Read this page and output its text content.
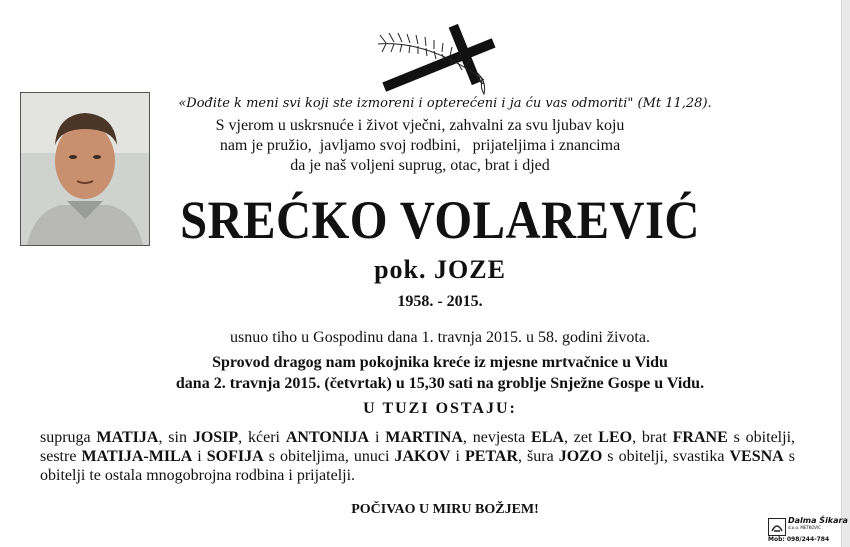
«Dođite k meni svi koji ste izmoreni i opterećeni i ja ću vas odmoriti" (Mt 11,28).
S vjerom u uskrsnuće i život vječni, zahvalni za svu ljubav koju
nam je pružio,  javljamo svoj rodbini,   prijateljima i znancima
da je naš voljeni suprug, otac, brat i djed
SREĆKO VOLAREVIĆ
pok. JOZE
1958. - 2015.
usnuo tiho u Gospodinu dana 1. travnja 2015. u 58. godini života.
Sprovod dragog nam pokojnika kreće iz mjesne mrtvačnice u Vidu
dana 2. travnja 2015. (četvrtak) u 15,30 sati na groblje Snježne Gospe u Vidu.
U TUZI OSTAJU:
supruga MATIJA, sin JOSIP, kćeri ANTONIJA i MARTINA, nevjesta ELA, zet LEO, brat FRANE s obitelji, sestre MATIJA-MILA i SOFIJA s obiteljima, unuci JAKOV i PETAR, šura JOZO s obitelji, svastika VESNA s obitelji te ostala mnogobrojna rodbina i prijatelji.
POČIVAO U MIRU BOŽJEM!
Dalma Šikara
d.o.o. METKOVIĆ
Mob: 098/244-784
